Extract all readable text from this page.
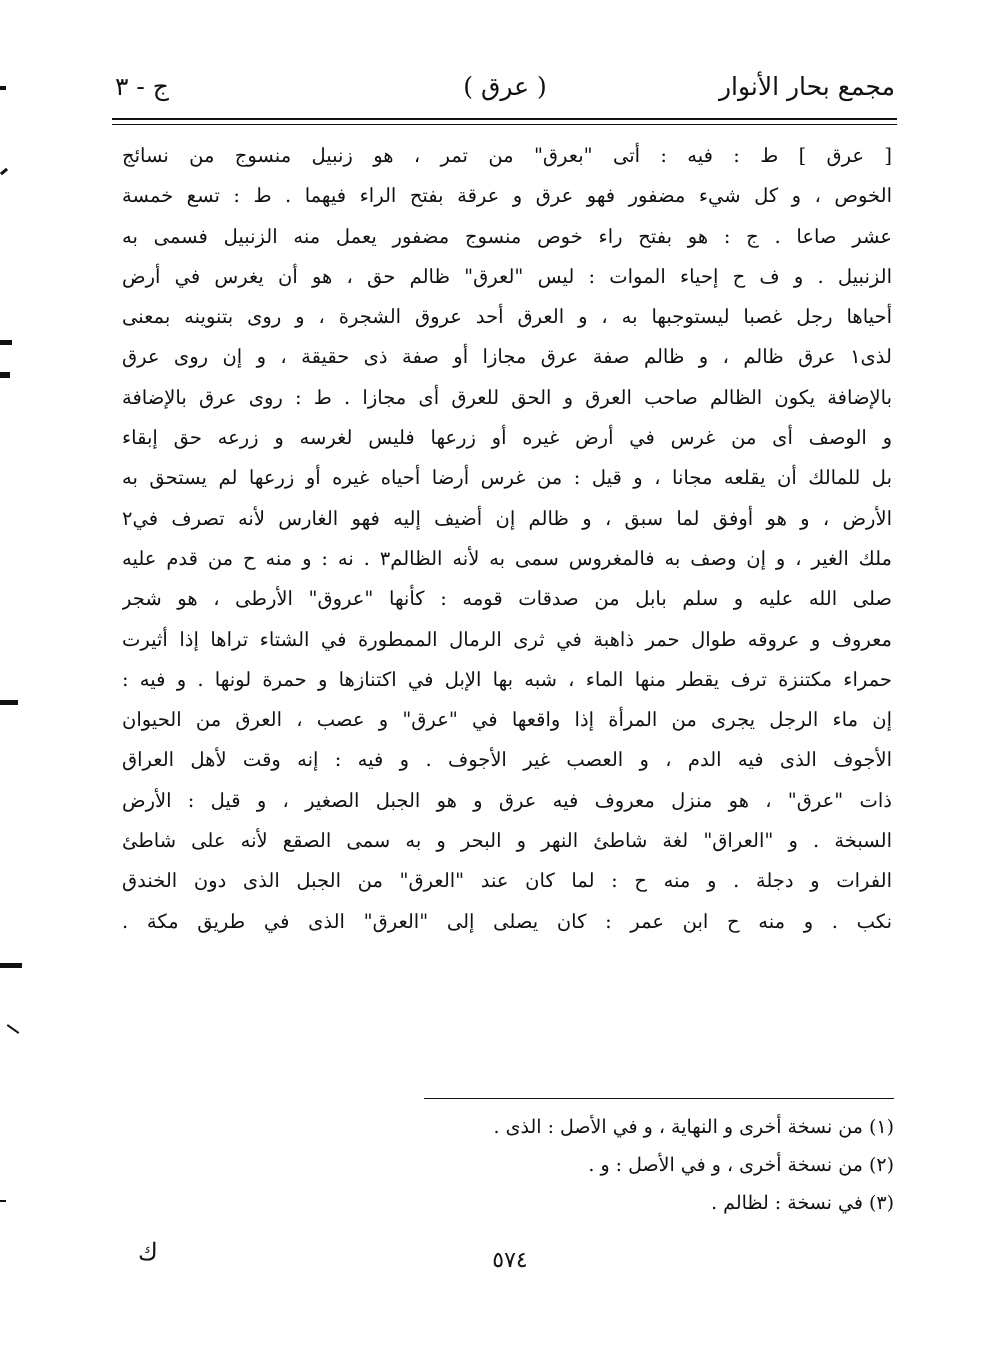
مجمع بحار الأنوار
( عرق )
ج - ٣
[ عرق ] ط : فيه : أتى "بعرق" من تمر ، هو زنبيل منسوج من نسائج
الخوص ، و كل شيء مضفور فهو عرق و عرقة بفتح الراء فيهما . ط : تسع خمسة
عشر صاعا . ج : هو بفتح راء خوص منسوج مضفور يعمل منه الزنبيل فسمى به
الزنبيل . و ف ح إحياء الموات : ليس "لعرق" ظالم حق ، هو أن يغرس في أرض
أحياها رجل غصبا ليستوجبها به ، و العرق أحد عروق الشجرة ، و روى بتنوينه بمعنى
لذى١ عرق ظالم ، و ظالم صفة عرق مجازا أو صفة ذى حقيقة ، و إن روى عرق
بالإضافة يكون الظالم صاحب العرق و الحق للعرق أى مجازا . ط : روى عرق بالإضافة
و الوصف أى من غرس في أرض غيره أو زرعها فليس لغرسه و زرعه حق إبقاء
بل للمالك أن يقلعه مجانا ، و قيل : من غرس أرضا أحياه غيره أو زرعها لم يستحق به
الأرض ، و هو أوفق لما سبق ، و ظالم إن أضيف إليه فهو الغارس لأنه تصرف في٢
ملك الغير ، و إن وصف به فالمغروس سمى به لأنه الظالم٣ . نه : و منه ح من قدم عليه
صلى الله عليه و سلم بابل من صدقات قومه : كأنها "عروق" الأرطى ، هو شجر
معروف و عروقه طوال حمر ذاهبة في ثرى الرمال الممطورة في الشتاء تراها إذا أثيرت
حمراء مكتنزة ترف يقطر منها الماء ، شبه بها الإبل في اكتنازها و حمرة لونها . و فيه :
إن ماء الرجل يجرى من المرأة إذا واقعها في "عرق" و عصب ، العرق من الحيوان
الأجوف الذى فيه الدم ، و العصب غير الأجوف . و فيه : إنه وقت لأهل العراق
ذات "عرق" ، هو منزل معروف فيه عرق و هو الجبل الصغير ، و قيل : الأرض
السبخة . و "العراق" لغة شاطئ النهر و البحر و به سمى الصقع لأنه على شاطئ
الفرات و دجلة . و منه ح : لما كان عند "العرق" من الجبل الذى دون الخندق
نكب . و منه ح ابن عمر : كان يصلى إلى "العرق" الذى في طريق مكة .
(١) من نسخة أخرى و النهاية ، و في الأصل : الذى .
(٢) من نسخة أخرى ، و في الأصل : و .
(٣) في نسخة : لظالم .
ك	٥٧٤
